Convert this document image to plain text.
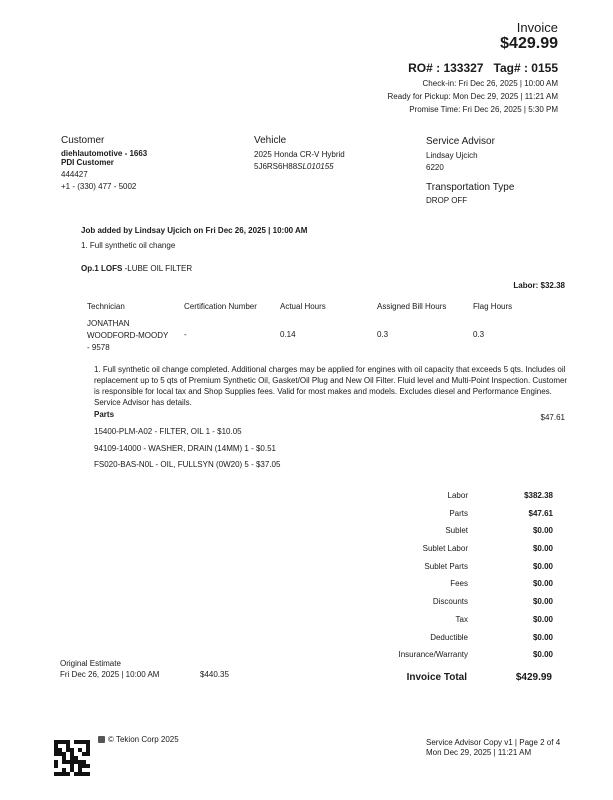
Invoice
$429.99
RO# : 133327 Tag# : 0155
Check-in: Fri Dec 26, 2025 | 10:00 AM
Ready for Pickup: Mon Dec 29, 2025 | 11:21 AM
Promise Time: Fri Dec 26, 2025 | 5:30 PM
Customer
diehlautomotive - 1663
PDI Customer
444427
+1 - (330) 477 - 5002
Vehicle
2025 Honda CR-V Hybrid
5J6RS6H88SL010155
Service Advisor
Lindsay Ujcich
6220
Transportation Type
DROP OFF
Job added by Lindsay Ujcich on Fri Dec 26, 2025 | 10:00 AM
1. Full synthetic oil change
Op.1 LOFS -LUBE OIL FILTER
Labor: $32.38
Technician	Certification Number	Actual Hours	Assigned Bill Hours	Flag Hours
JONATHAN
WOODFORD-MOODY
- 9578
-	0.14	0.3	0.3
1. Full synthetic oil change completed. Additional charges may be applied for engines with oil capacity that exceeds 5 qts. Includes oil replacement up to 5 qts of Premium Synthetic Oil, Gasket/Oil Plug and New Oil Filter. Fluid level and Multi-Point Inspection. Customer is responsible for local tax and Shop Supplies fees. Valid for most makes and models. Excludes diesel and Performance Engines. Service Advisor has details.
Parts	$47.61
15400-PLM-A02 - FILTER, OIL 1 - $10.05
94109-14000 - WASHER, DRAIN (14MM) 1 - $0.51
FS020-BAS-N0L - OIL, FULLSYN (0W20) 5 - $37.05
Labor	$382.38
Parts	$47.61
Sublet	$0.00
Sublet Labor	$0.00
Sublet Parts	$0.00
Fees	$0.00
Discounts	$0.00
Tax	$0.00
Deductible	$0.00
Insurance/Warranty	$0.00
Invoice Total	$429.99
Original Estimate
Fri Dec 26, 2025 | 10:00 AM	$440.35
© Tekion Corp 2025	Service Advisor Copy v1 | Page 2 of 4
Mon Dec 29, 2025 | 11:21 AM
